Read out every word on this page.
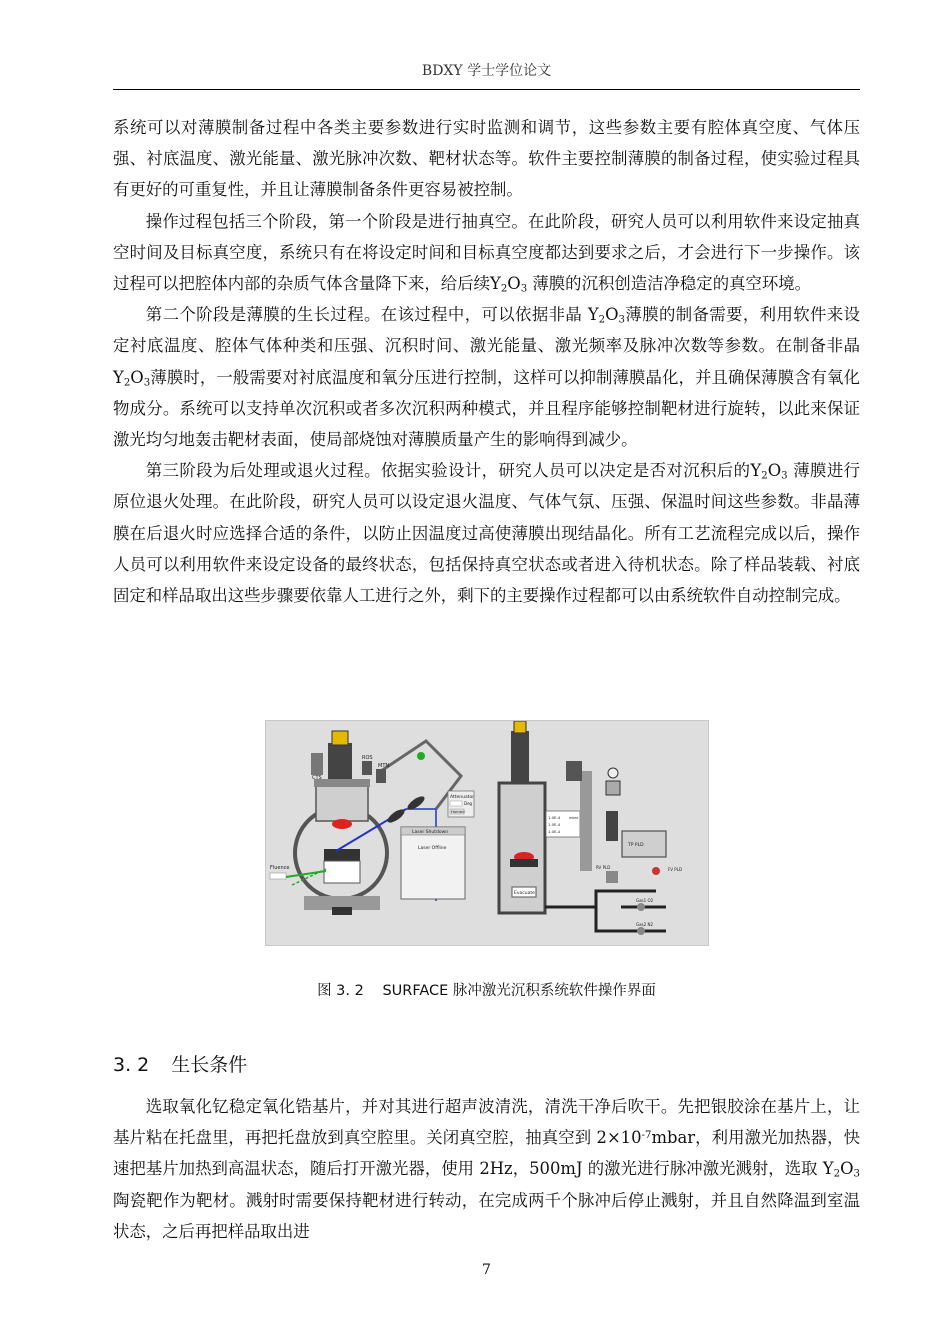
BDXY 学士学位论文

系统可以对薄膜制备过程中各类主要参数进行实时监测和调节，这些参数主要有腔体真空度、气体压强、衬底温度、激光能量、激光脉冲次数、靶材状态等。软件主要控制薄膜的制备过程，使实验过程具有更好的可重复性，并且让薄膜制备条件更容易被控制。

操作过程包括三个阶段，第一个阶段是进行抽真空。在此阶段，研究人员可以利用软件来设定抽真空时间及目标真空度，系统只有在将设定时间和目标真空度都达到要求之后，才会进行下一步操作。该过程可以把腔体内部的杂质气体含量降下来，给后续$Y_2O_3$ 薄膜的沉积创造洁净稳定的真空环境。

第二个阶段是薄膜的生长过程。在该过程中，可以依据非晶 $Y_2O_3$薄膜的制备需要，利用软件来设定衬底温度、腔体气体种类和压强、沉积时间、激光能量、激光频率及脉冲次数等参数。在制备非晶 $Y_2O_3$薄膜时，一般需要对衬底温度和氧分压进行控制，这样可以抑制薄膜晶化，并且确保薄膜含有氧化物成分。系统可以支持单次沉积或者多次沉积两种模式，并且程序能够控制靶材进行旋转，以此来保证激光均匀地轰击靶材表面，使局部烧蚀对薄膜质量产生的影响得到减少。

第三阶段为后处理或退火过程。依据实验设计，研究人员可以决定是否对沉积后的$Y_2O_3$ 薄膜进行原位退火处理。在此阶段，研究人员可以设定退火温度、气体气氛、压强、保温时间这些参数。非晶薄膜在后退火时应选择合适的条件，以防止因温度过高使薄膜出现结晶化。所有工艺流程完成以后，操作人员可以利用软件来设定设备的最终状态，包括保持真空状态或者进入待机状态。除了样品装载、衬底固定和样品取出这些步骤要依靠人工进行之外，剩下的主要操作过程都可以由系统软件自动控制完成。

CTS
ROS
MTN
Fluence
Attenuator
Deg
Homed
Laser Shutdown
Laser Offline
Evacuate
1.0E-4
1.0E-4
1.0E-4
mbar
TP PLD
RV PLD	FV PLD
Gas1 O2
Gas2 N2
图 3. 2 SURFACE 脉冲激光沉积系统软件操作界面
3. 2 生长条件

选取氧化钇稳定氧化锆基片，并对其进行超声波清洗，清洗干净后吹干。先把银胶涂在基片上，让基片粘在托盘里，再把托盘放到真空腔里。关闭真空腔，抽真空到 $2\times 10^{-7}mbar$，利用激光加热器，快速把基片加热到高温状态，随后打开激光器，使用 2Hz，500mJ 的激光进行脉冲激光溅射，选取 $Y_2O_3$ 陶瓷靶作为靶材。溅射时需要保持靶材进行转动，在完成两千个脉冲后停止溅射，并且自然降温到室温状态，之后再把样品取出进

7
